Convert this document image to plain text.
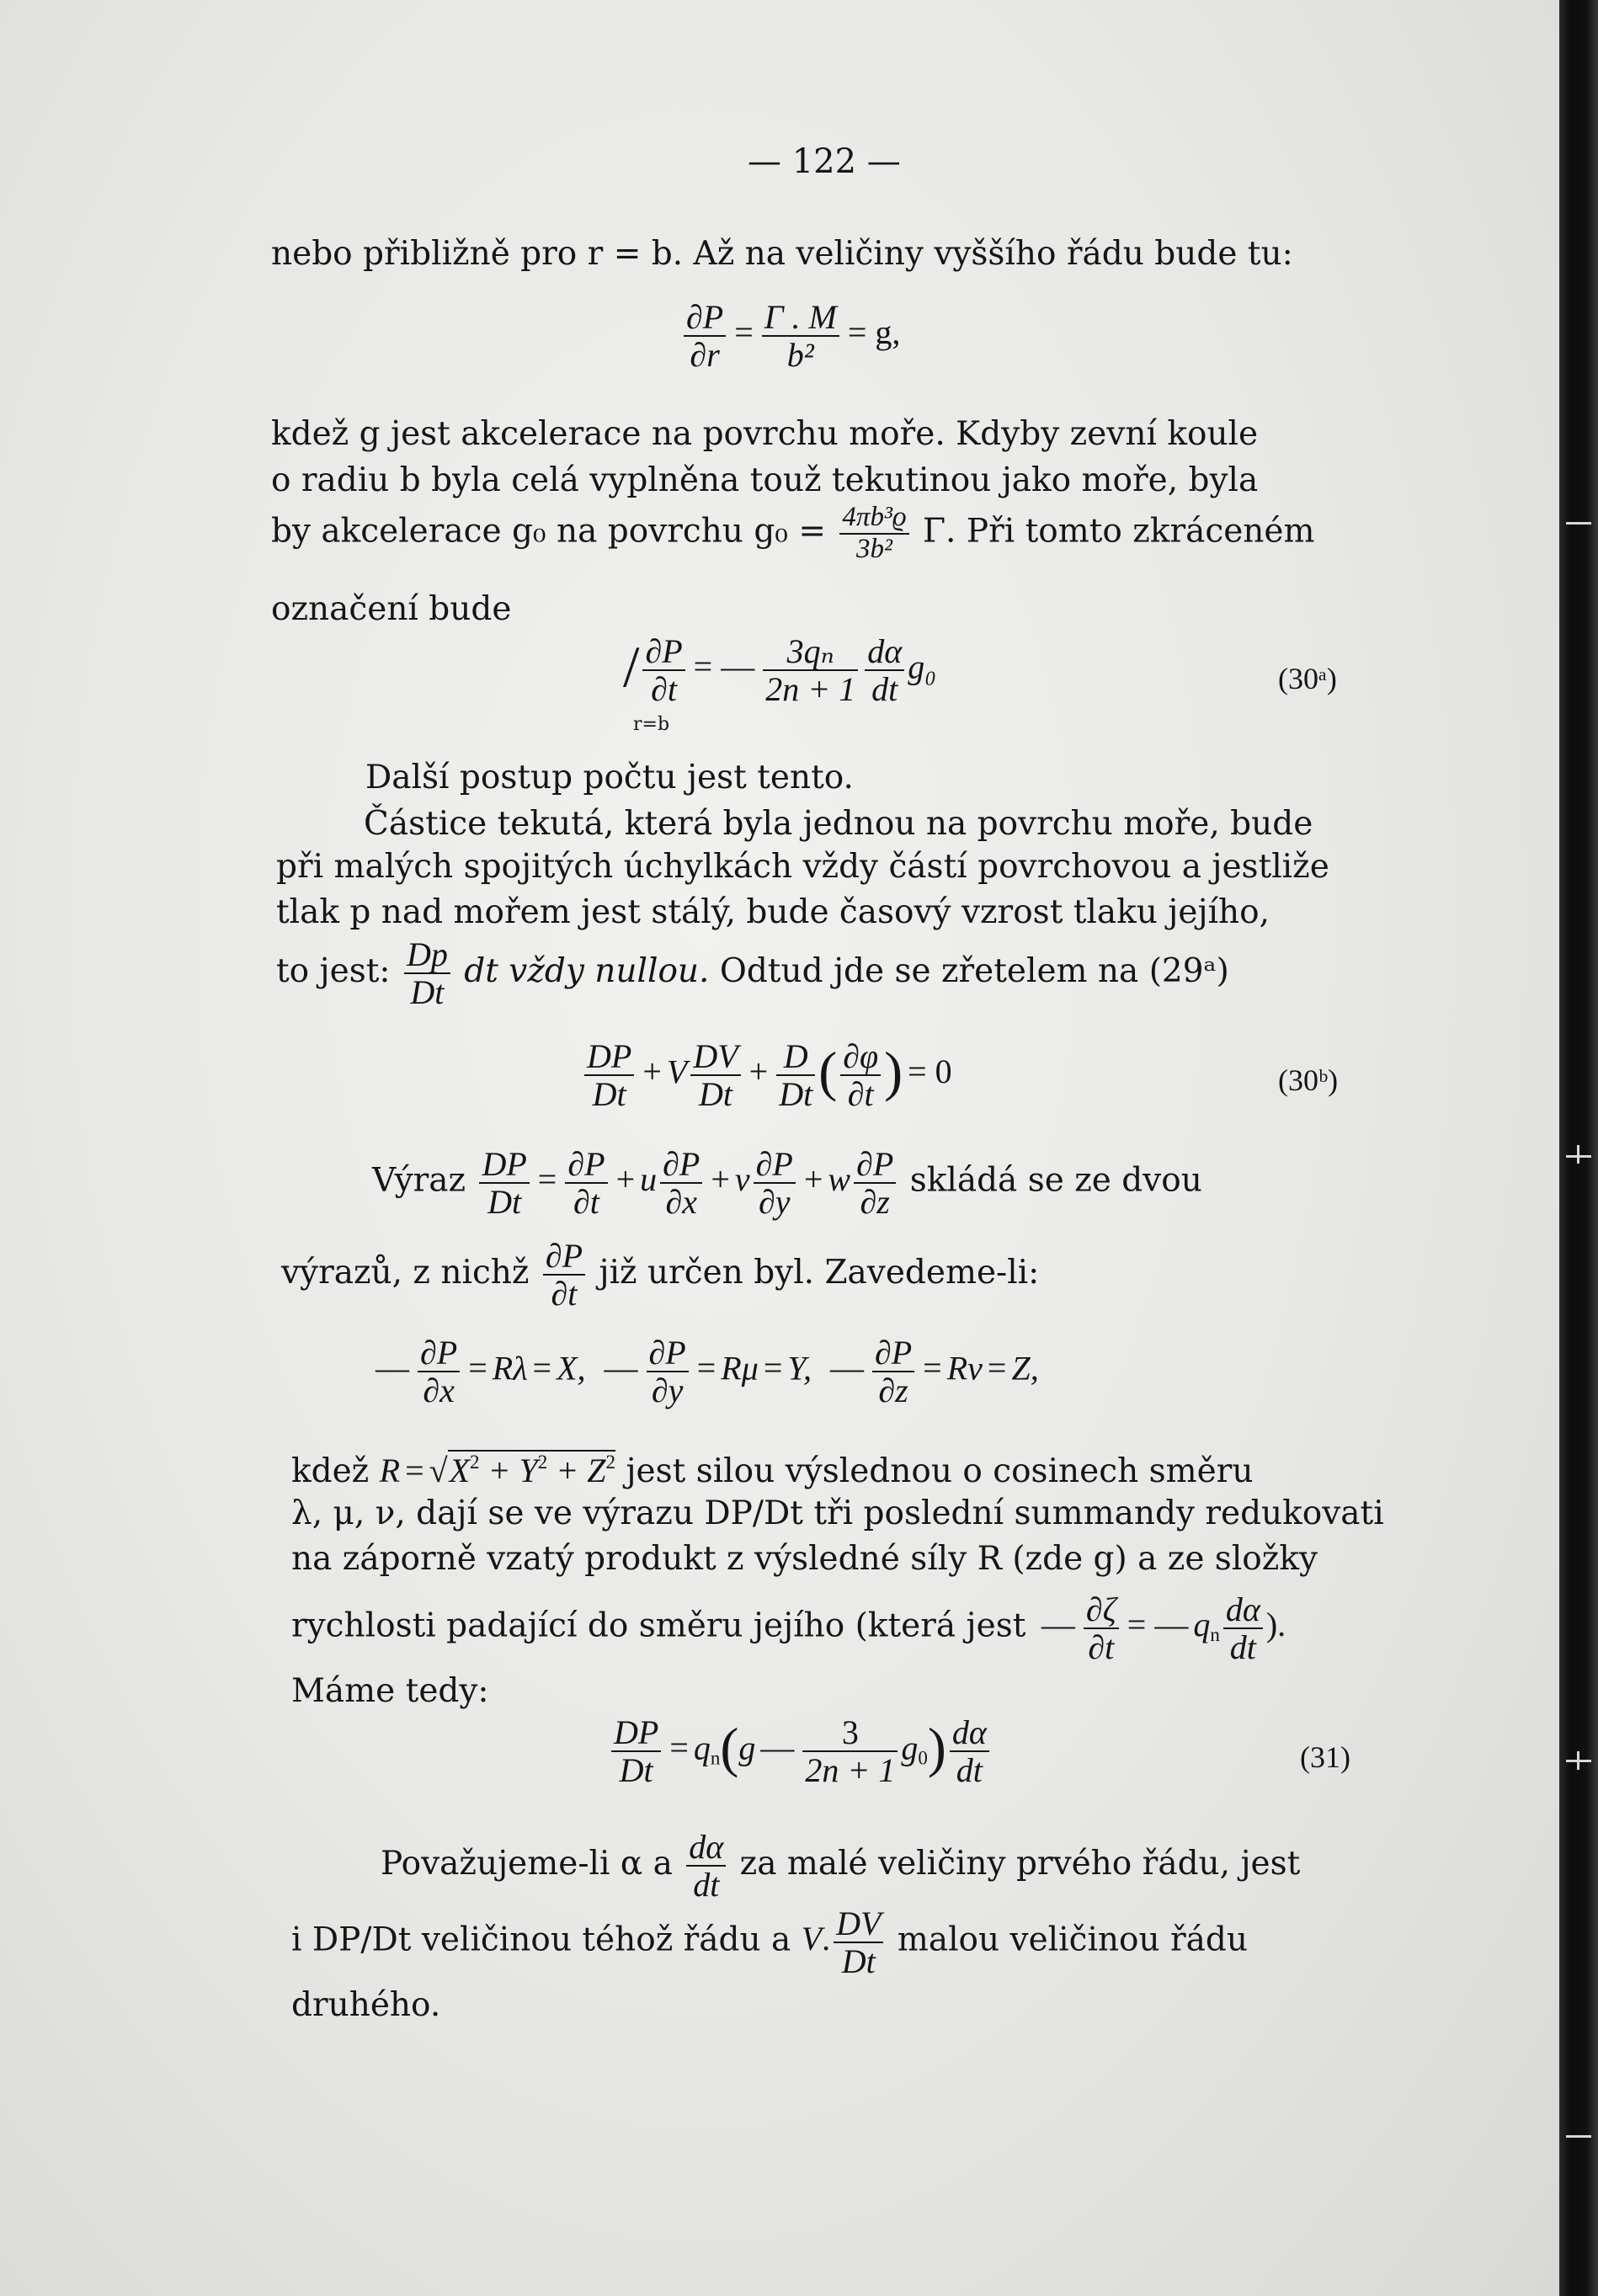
— 122 —
nebo přibližně pro r = b. Až na veličiny vyššího řádu bude tu:
$\frac{\partial P}{\partial r} = \frac{\Gamma . M}{\text{b²}} = g$,
kdež g jest akcelerace na povrchu moře. Kdyby zevní koule
o radiu b byla celá vyplněna touž tekutinou jako moře, byla
by akcelerace g₀ na povrchu $g_0 = \frac{\text{4πb³ϱ}}{\text{3b²}} \Gamma$. Při tomto zkráceném
označení bude
/ $\frac{\partial P}{\partial t}$ = — $\frac{\text{3qₙ}}{2n + 1} \frac{d\alpha}{dt} g_0$
r=b
(30ᵃ)
Další postup počtu jest tento.
Částice tekutá, která byla jednou na povrchu moře, bude
při malých spojitých úchylkách vždy částí povrchovou a jestliže
tlak p nad mořem jest stálý, bude časový vzrost tlaku jejího,
to jest: $\frac{Dp}{Dt}$ dt vždy nullou. Odtud jde se zřetelem na (29ᵃ)
$\frac{DP}{Dt} + V \frac{DV}{Dt} + \frac{D}{Dt}$ ( $\frac{\partial\varphi}{\partial t}$ ) = 0	(30ᵇ)
Výraz $\frac{DP}{Dt} = \frac{\partial P}{\partial t} + u \frac{\partial P}{\partial x} + v \frac{\partial P}{\partial y} + w \frac{\partial P}{\partial z}$ skládá se ze dvou
výrazů, z nichž $\frac{\partial P}{\partial t}$ již určen byl. Zavedeme-li:
— $\frac{\partial P}{\partial x} = R\lambda = X$, — $\frac{\partial P}{\partial y} = R\mu = Y$, — $\frac{\partial P}{\partial z} = R\nu = Z$,
kdež $R = √X^2 + Y^2 + Z^2$ jest silou výslednou o cosinech směru
λ, μ, ν, dají se ve výrazu DP/Dt tři poslední summandy redukovati
na záporně vzatý produkt z výsledné síly R (zde g) a ze složky
rychlosti padající do směru jejího (která jest — $\frac{\partial\zeta}{\partial t}$ = — $q_n \frac{d\alpha}{dt}$ ).
Máme tedy:
$\frac{DP}{Dt} = q_n(g$ — $\frac{3}{2n + 1} g_0) \frac{d\alpha}{dt}$	(31)
Považujeme-li α a $\frac{d\alpha}{dt}$ za malé veličiny prvého řádu, jest
i DP/Dt veličinou téhož řádu a V. $\frac{DV}{Dt}$ malou veličinou řádu
druhého.
